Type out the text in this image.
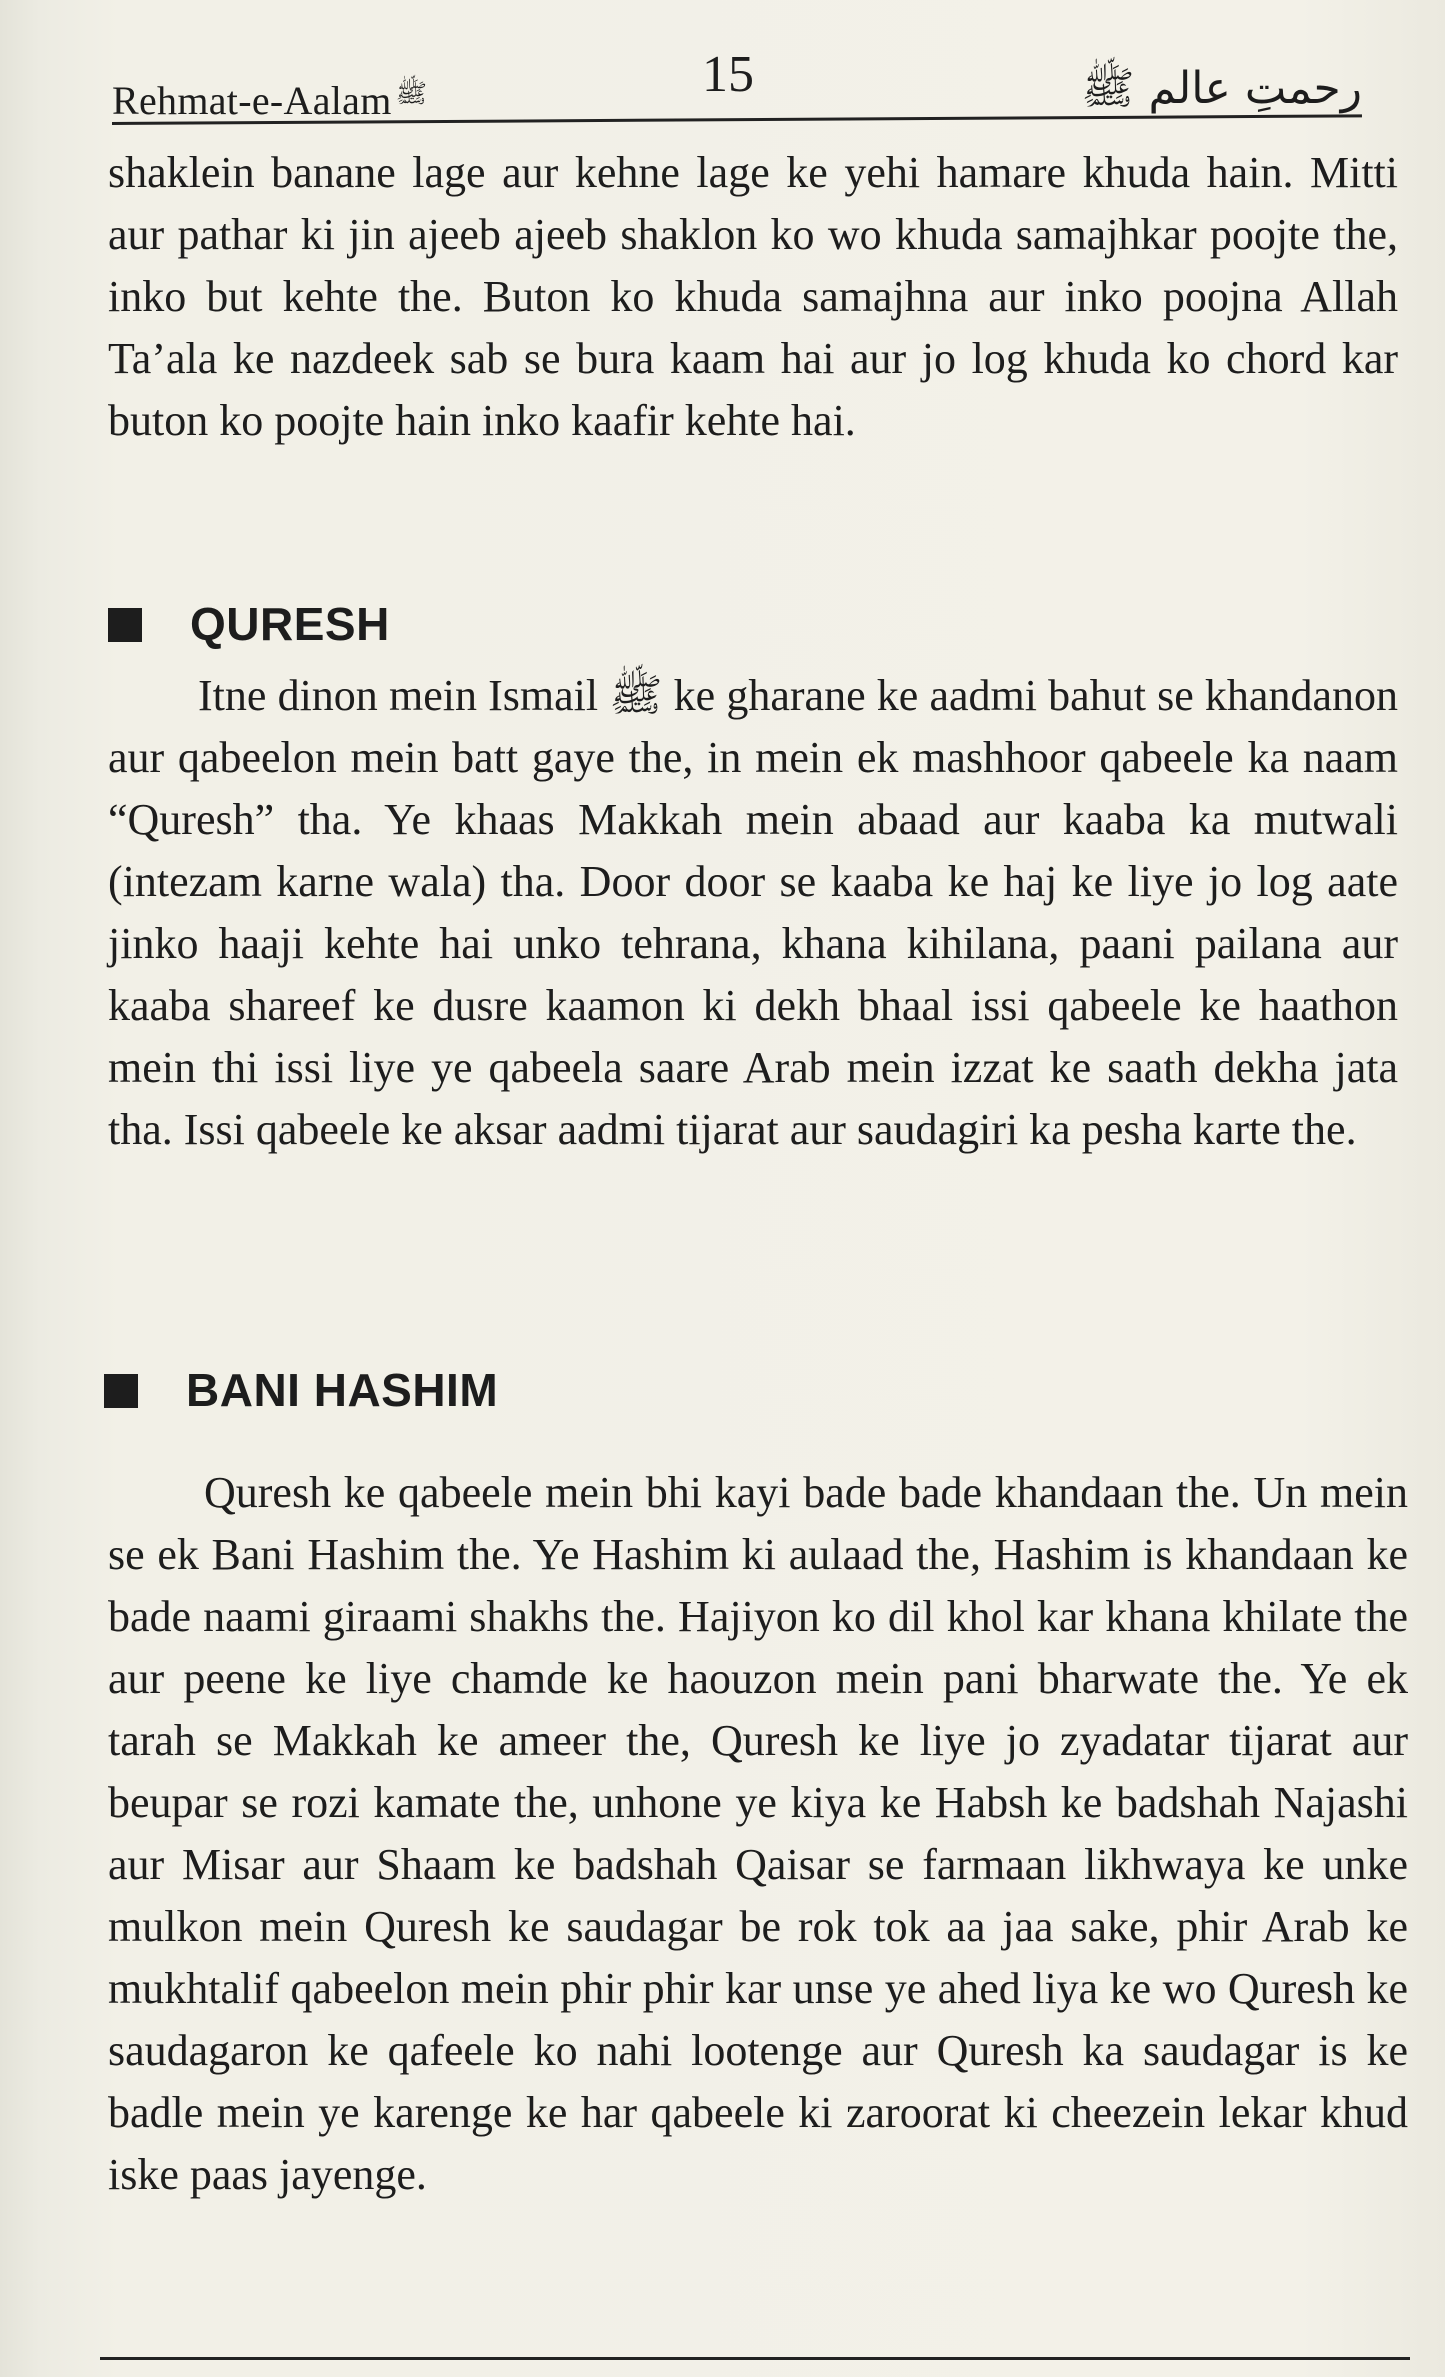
Rehmat-e-Aalam ﷺ	15	رحمتِ عالم ﷺ

shaklein banane lage aur kehne lage ke yehi hamare khuda hain. Mitti aur pathar ki jin ajeeb ajeeb shaklon ko wo khuda samajhkar poojte the, inko but kehte the. Buton ko khuda samajhna aur inko poojna Allah Ta’ala ke nazdeek sab se bura kaam hai aur jo log khuda ko chord kar buton ko poojte hain inko kaafir kehte hai.

QURESH

Itne dinon mein Ismail ﷺ ke gharane ke aadmi bahut se khandanon aur qabeelon mein batt gaye the, in mein ek mashhoor qabeele ka naam “Quresh” tha. Ye khaas Makkah mein abaad aur kaaba ka mutwali (intezam karne wala) tha. Door door se kaaba ke haj ke liye jo log aate jinko haaji kehte hai unko tehrana, khana kihilana, paani pailana aur kaaba shareef ke dusre kaamon ki dekh bhaal issi qabeele ke haathon mein thi issi liye ye qabeela saare Arab mein izzat ke saath dekha jata tha. Issi qabeele ke aksar aadmi tijarat aur saudagiri ka pesha karte the.

BANI HASHIM

Quresh ke qabeele mein bhi kayi bade bade khandaan the. Un mein se ek Bani Hashim the. Ye Hashim ki aulaad the, Hashim is khandaan ke bade naami giraami shakhs the. Hajiyon ko dil khol kar khana khilate the aur peene ke liye chamde ke haouzon mein pani bharwate the. Ye ek tarah se Makkah ke ameer the, Quresh ke liye jo zyadatar tijarat aur beupar se rozi kamate the, unhone ye kiya ke Habsh ke badshah Najashi aur Misar aur Shaam ke badshah Qaisar se farmaan likhwaya ke unke mulkon mein Quresh ke saudagar be rok tok aa jaa sake, phir Arab ke mukhtalif qabeelon mein phir phir kar unse ye ahed liya ke wo Quresh ke saudagaron ke qafeele ko nahi lootenge aur Quresh ka saudagar is ke badle mein ye karenge ke har qabeele ki zaroorat ki cheezein lekar khud iske paas jayenge.
